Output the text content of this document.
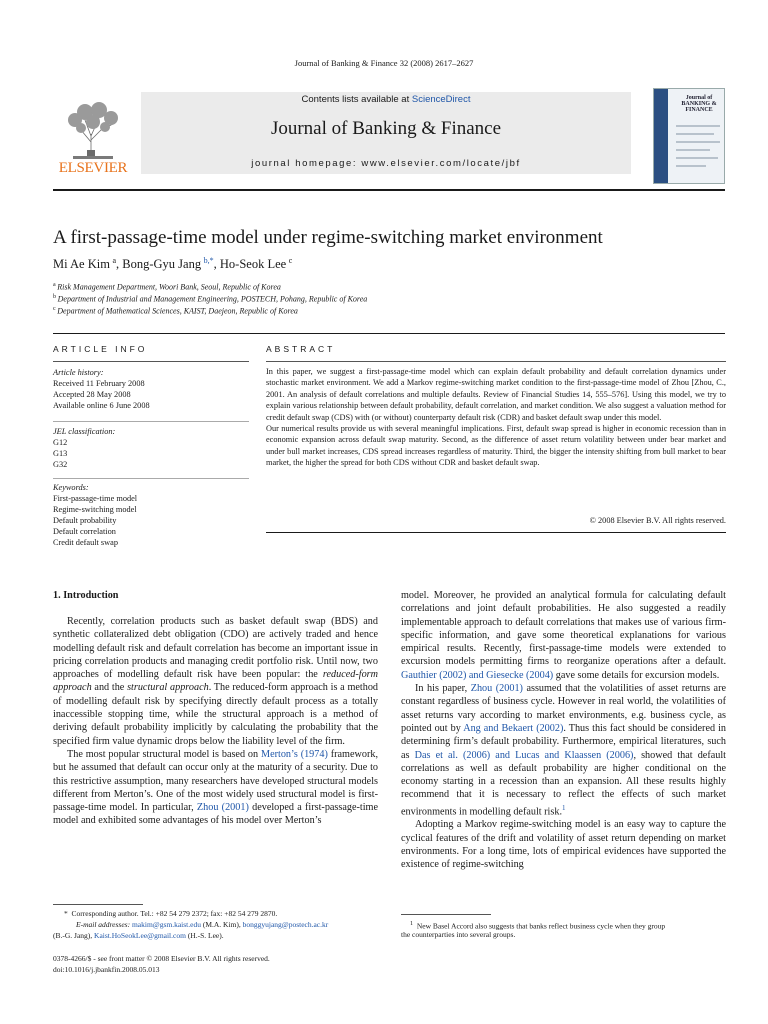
Journal of Banking & Finance 32 (2008) 2617–2627
ELSEVIER
Contents lists available at ScienceDirect
Journal of Banking & Finance
journal homepage: www.elsevier.com/locate/jbf
Journal of BANKING & FINANCE
A first-passage-time model under regime-switching market environment
Mi Ae Kim  $^a$, Bong-Gyu Jang  $^{b,*}$, Ho-Seok Lee  $^c$
$^a$  Risk Management Department, Woori Bank, Seoul, Republic of Korea
$^b$  Department of Industrial and Management Engineering, POSTECH, Pohang, Republic of Korea
$^c$  Department of Mathematical Sciences, KAIST, Daejeon, Republic of Korea
ARTICLE INFO
Article history:
Received 11 February 2008
Accepted 28 May 2008
Available online 6 June 2008
JEL classification:
G12
G13
G32
Keywords:
First-passage-time model
Regime-switching model
Default probability
Default correlation
Credit default swap
ABSTRACT

In this paper, we suggest a first-passage-time model which can explain default probability and default correlation dynamics under stochastic market environment. We add a Markov regime-switching market condition to the first-passage-time model of Zhou [Zhou, C., 2001. An analysis of default correlations and multiple defaults. Review of Financial Studies 14, 555–576]. Using this model, we try to explain various relationship between default probability, default correlation, and market condition. We also suggest a valuation method for credit default swap (CDS) with (or without) counterparty default risk (CDR) and basket default swap under this model.

Our numerical results provide us with several meaningful implications. First, default swap spread is higher in economic recession than in economic expansion across default swap maturity. Second, as the difference of asset return volatility between under bear market and under bull market increases, CDS spread increases regardless of maturity. Third, the bigger the intensity shifting from bull market to bear market, the higher the spread for both CDS without CDR and basket default swap.

© 2008 Elsevier B.V. All rights reserved.
1. Introduction

Recently, correlation products such as basket default swap (BDS) and synthetic collateralized debt obligation (CDO) are actively traded and hence modelling default risk and default correlation has become an important issue in pricing correlation products and managing credit portfolio risk. Until now, two approaches of modelling default risk have been popular: the reduced-form approach and the structural approach. The reduced-form approach is a method of modelling default risk by specifying directly default process as a totally inaccessible stopping time, while the structural approach is a method of deriving default probability implicitly by calculating the probability that the specified firm value dynamic drops below the liability level of the firm.

The most popular structural model is based on Merton’s (1974) framework, but he assumed that default can occur only at the maturity of a security. Due to this restrictive assumption, many researchers have developed structural models different from Merton’s. One of the most widely used structural model is first-passage-time model. In particular, Zhou (2001) developed a first-passage-time model and exhibited some advantages of his model over Merton’s

model. Moreover, he provided an analytical formula for calculating default correlations and joint default probabilities. He also suggested a readily implementable approach to default correlations that makes use of various firm-specific information, and gave some theoretical explanations for various empirical results. Recently, first-passage-time models were extended to excursion models permitting firms to reorganize operations after a default. Gauthier (2002) and Giesecke (2004) gave some details for excursion models.

In his paper, Zhou (2001) assumed that the volatilities of asset returns are constant regardless of business cycle. However in real world, the volatilities of asset returns vary according to market environments, e.g. business cycle, as pointed out by Ang and Bekaert (2002). Thus this fact should be considered in determining firm’s default probability. Furthermore, empirical literatures, such as Das et al. (2006) and Lucas and Klaassen (2006), showed that default correlations as well as default probability are higher conditional on the economy starting in a recession than an expansion. All these results highly recommend that it is necessary to reflect the effects of such market environments in modelling default risk.$^1$

Adopting a Markov regime-switching model is an easy way to capture the cyclical features of the drift and volatility of asset return depending on market environments. For a long time, lots of empirical evidences have supported the existence of regime-switching

*  Corresponding author. Tel.: +82 54 279 2372; fax: +82 54 279 2870.
E-mail addresses: makim@gsm.kaist.edu (M.A. Kim), bonggyujang@postech.ac.kr
(B.-G. Jang), Kaist.HoSeokLee@gmail.com (H.-S. Lee).
0378-4266/$ - see front matter © 2008 Elsevier B.V. All rights reserved.
doi:10.1016/j.jbankfin.2008.05.013
$^1$  New Basel Accord also suggests that banks reflect business cycle when they group
the counterparties into several groups.
